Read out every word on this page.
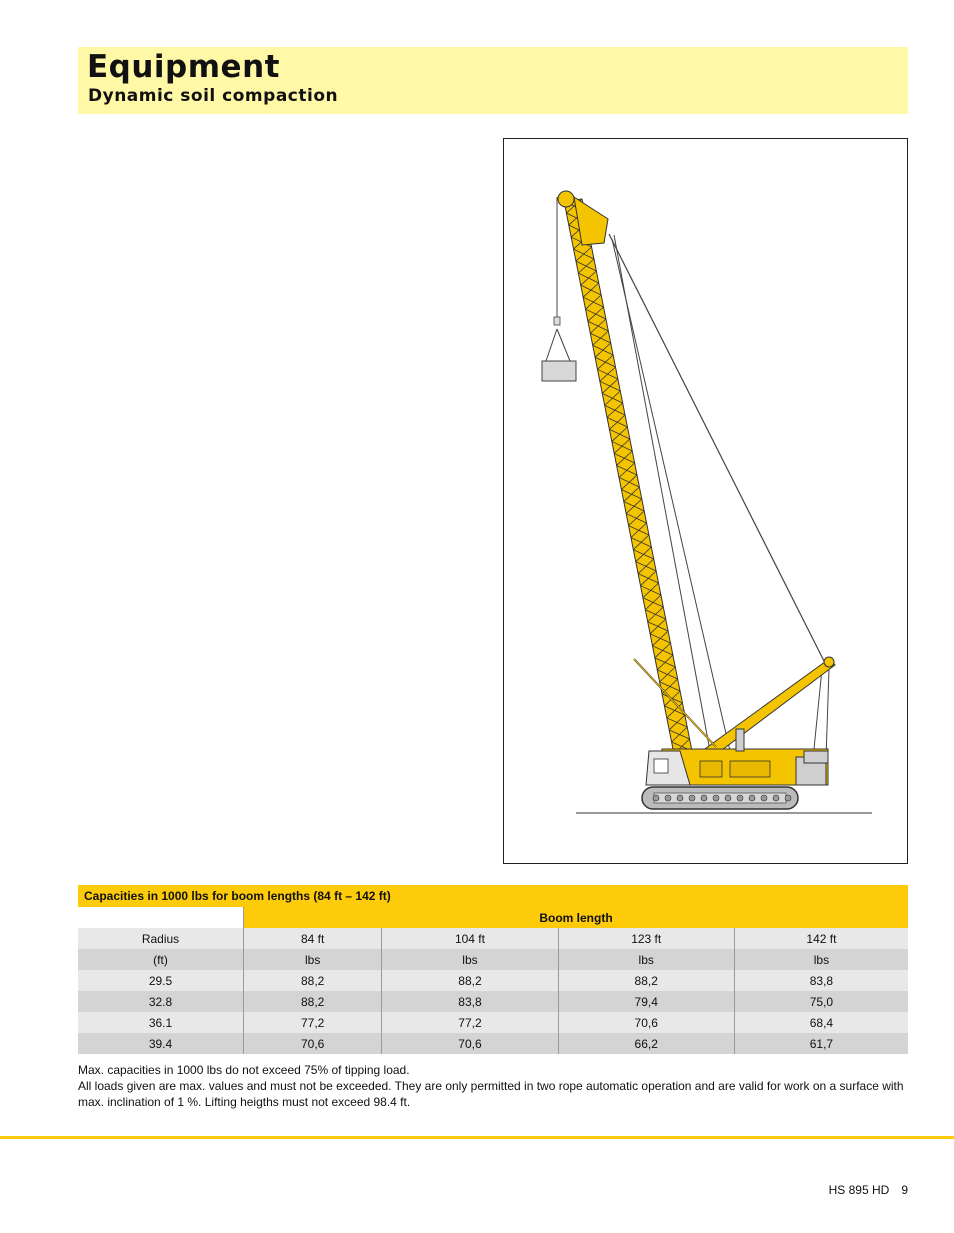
Equipment
Dynamic soil compaction
Capacities in 1000 lbs for boom lengths (84 ft – 142 ft)				
	Boom length			
Radius	84 ft	104 ft	123 ft	142 ft
(ft)	lbs	lbs	lbs	lbs
29.5	88,2	88,2	88,2	83,8
32.8	88,2	83,8	79,4	75,0
36.1	77,2	77,2	70,6	68,4
39.4	70,6	70,6	66,2	61,7

Max. capacities in 1000 lbs do not exceed 75% of tipping load.

All loads given are max. values and must not be exceeded. They are only permitted in two rope automatic operation and are valid for work on a surface with max. inclination of 1 %. Lifting heigths must not exceed 98.4 ft.

HS 895 HD 9
